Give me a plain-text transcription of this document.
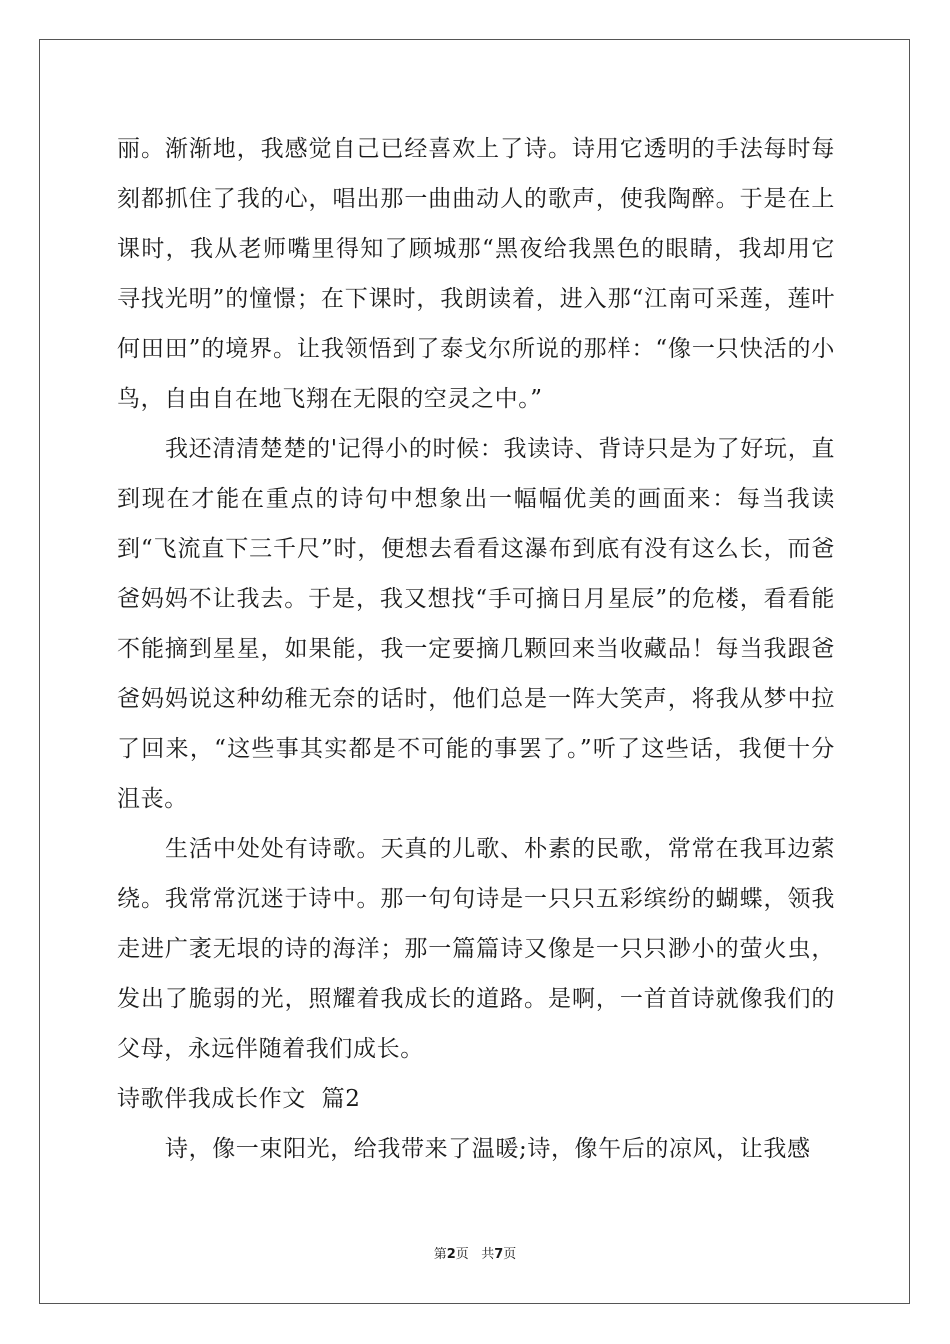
丽。渐渐地，我感觉自己已经喜欢上了诗。诗用它透明的手法每时每刻都抓住了我的心，唱出那一曲曲动人的歌声，使我陶醉。于是在上课时，我从老师嘴里得知了顾城那“黑夜给我黑色的眼睛，我却用它寻找光明”的憧憬；在下课时，我朗读着，进入那“江南可采莲，莲叶何田田”的境界。让我领悟到了泰戈尔所说的那样：“像一只快活的小鸟，自由自在地飞翔在无限的空灵之中。”

我还清清楚楚的'记得小的时候：我读诗、背诗只是为了好玩，直到现在才能在重点的诗句中想象出一幅幅优美的画面来：每当我读到“飞流直下三千尺”时，便想去看看这瀑布到底有没有这么长，而爸爸妈妈不让我去。于是，我又想找“手可摘日月星辰”的危楼，看看能不能摘到星星，如果能，我一定要摘几颗回来当收藏品！每当我跟爸爸妈妈说这种幼稚无奈的话时，他们总是一阵大笑声，将我从梦中拉了回来，“这些事其实都是不可能的事罢了。”听了这些话，我便十分沮丧。

生活中处处有诗歌。天真的儿歌、朴素的民歌，常常在我耳边萦绕。我常常沉迷于诗中。那一句句诗是一只只五彩缤纷的蝴蝶，领我走进广袤无垠的诗的海洋；那一篇篇诗又像是一只只渺小的萤火虫，发出了脆弱的光，照耀着我成长的道路。是啊，一首首诗就像我们的父母，永远伴随着我们成长。

诗歌伴我成长作文  篇2

诗，像一束阳光，给我带来了温暖;诗，像午后的凉风，让我感

第2页 共7页
